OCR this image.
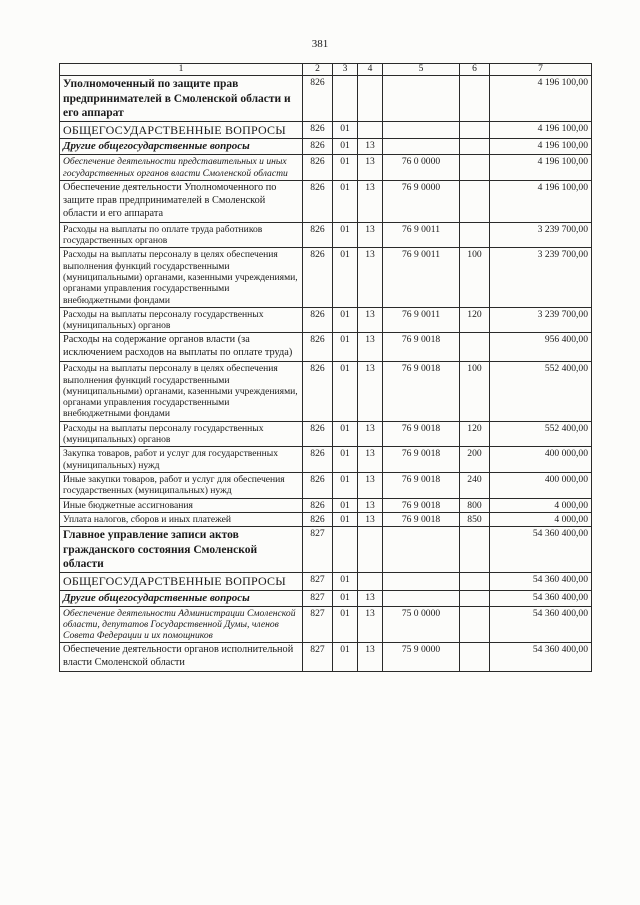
381
1	2	3	4	5	6	7
Уполномоченный по защите прав предпринимателей в Смоленской области и его аппарат	826					4 196 100,00
ОБЩЕГОСУДАРСТВЕННЫЕ ВОПРОСЫ	826	01				4 196 100,00
Другие общегосударственные вопросы	826	01	13			4 196 100,00
Обеспечение деятельности представительных и иных государственных органов власти Смоленской области	826	01	13	76 0 0000		4 196 100,00
Обеспечение деятельности Уполномоченного по защите прав предпринимателей в Смоленской области и его аппарата	826	01	13	76 9 0000		4 196 100,00
Расходы на выплаты по оплате труда работников государственных органов	826	01	13	76 9 0011		3 239 700,00
Расходы на выплаты персоналу в целях обеспечения выполнения функций государственными (муниципальными) органами, казенными учреждениями, органами управления государственными внебюджетными фондами	826	01	13	76 9 0011	100	3 239 700,00
Расходы на выплаты персоналу государственных (муниципальных) органов	826	01	13	76 9 0011	120	3 239 700,00
Расходы на содержание органов власти (за исключением расходов на выплаты по оплате труда)	826	01	13	76 9 0018		956 400,00
Расходы на выплаты персоналу в целях обеспечения выполнения функций государственными (муниципальными) органами, казенными учреждениями, органами управления государственными внебюджетными фондами	826	01	13	76 9 0018	100	552 400,00
Расходы на выплаты персоналу государственных (муниципальных) органов	826	01	13	76 9 0018	120	552 400,00
Закупка товаров, работ и услуг для государственных (муниципальных) нужд	826	01	13	76 9 0018	200	400 000,00
Иные закупки товаров, работ и услуг для обеспечения государственных (муниципальных) нужд	826	01	13	76 9 0018	240	400 000,00
Иные бюджетные ассигнования	826	01	13	76 9 0018	800	4 000,00
Уплата налогов, сборов и иных платежей	826	01	13	76 9 0018	850	4 000,00
Главное управление записи актов гражданского состояния Смоленской области	827					54 360 400,00
ОБЩЕГОСУДАРСТВЕННЫЕ ВОПРОСЫ	827	01				54 360 400,00
Другие общегосударственные вопросы	827	01	13			54 360 400,00
Обеспечение деятельности Администрации Смоленской области, депутатов Государственной Думы, членов Совета Федерации и их помощников	827	01	13	75 0 0000		54 360 400,00
Обеспечение деятельности органов исполнительной власти Смоленской области	827	01	13	75 9 0000		54 360 400,00
